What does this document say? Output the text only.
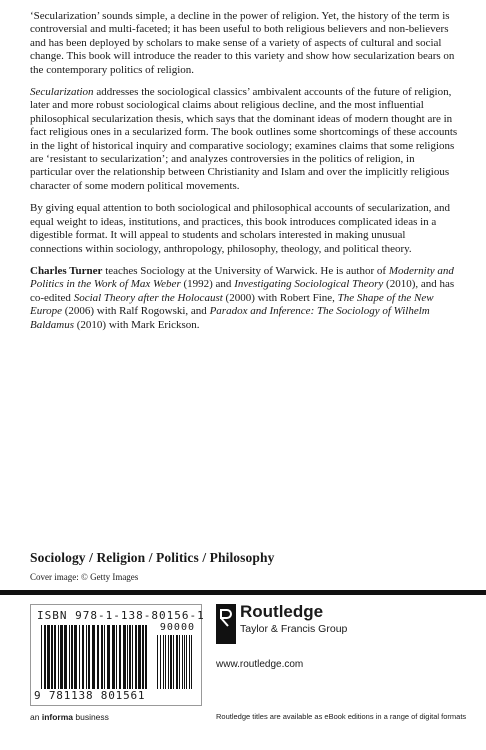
‘Secularization’ sounds simple, a decline in the power of religion. Yet, the history of the term is controversial and multi-faceted; it has been useful to both religious believers and non-believers and has been deployed by scholars to make sense of a variety of aspects of cultural and social change. This book will introduce the reader to this variety and show how secularization bears on the contemporary politics of religion.

Secularization addresses the sociological classics’ ambivalent accounts of the future of religion, later and more robust sociological claims about religious decline, and the most influential philosophical secularization thesis, which says that the dominant ideas of modern thought are in fact religious ones in a secularized form. The book outlines some shortcomings of these accounts in the light of historical inquiry and comparative sociology; examines claims that some religions are ‘resistant to secularization’; and analyzes controversies in the politics of religion, in particular over the relationship between Christianity and Islam and over the implicitly religious character of some modern political movements.

By giving equal attention to both sociological and philosophical accounts of secularization, and equal weight to ideas, institutions, and practices, this book introduces complicated ideas in a digestible format. It will appeal to students and scholars interested in making unusual connections within sociology, anthropology, philosophy, theology, and political theory.

Charles Turner teaches Sociology at the University of Warwick. He is author of Modernity and Politics in the Work of Max Weber (1992) and Investigating Sociological Theory (2010), and has co-edited Social Theory after the Holocaust (2000) with Robert Fine, The Shape of the New Europe (2006) with Ralf Rogowski, and Paradox and Inference: The Sociology of Wilhelm Baldamus (2010) with Mark Erickson.

Sociology / Religion / Politics / Philosophy
Cover image: © Getty Images
ISBN 978-1-138-80156-1
90000
9 781138 801561
an informa business
Routledge
Taylor & Francis Group
www.routledge.com
Routledge titles are available as eBook editions in a range of digital formats
